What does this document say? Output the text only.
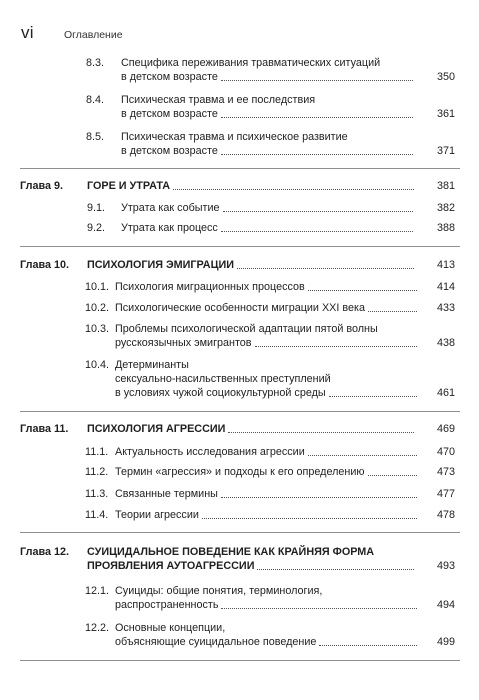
vi	Оглавление
8.3. Специфика переживания травматических ситуаций
в детском возрасте	350
8.4. Психическая травма и ее последствия
в детском возрасте	361
8.5. Психическая травма и психическое развитие
в детском возрасте	371
Глава 9. ГОРЕ И УТРАТА	381
9.1. Утрата как событие	382
9.2. Утрата как процесс	388
Глава 10. ПСИХОЛОГИЯ ЭМИГРАЦИИ	413
10.1. Психология миграционных процессов	414
10.2. Психологические особенности миграции XXI века	433
10.3. Проблемы психологической адаптации пятой волны
русскоязычных эмигрантов	438
10.4. Детерминанты
сексуально-насильственных преступлений
в условиях чужой социокультурной среды	461
Глава 11. ПСИХОЛОГИЯ АГРЕССИИ	469
11.1. Актуальность исследования агрессии	470
11.2. Термин «агрессия» и подходы к его определению	473
11.3. Связанные термины	477
11.4. Теории агрессии	478
Глава 12. СУИЦИДАЛЬНОЕ ПОВЕДЕНИЕ КАК КРАЙНЯЯ ФОРМА
ПРОЯВЛЕНИЯ АУТОАГРЕССИИ	493
12.1. Суициды: общие понятия, терминология,
распространенность	494
12.2. Основные концепции,
объясняющие суицидальное поведение	499
